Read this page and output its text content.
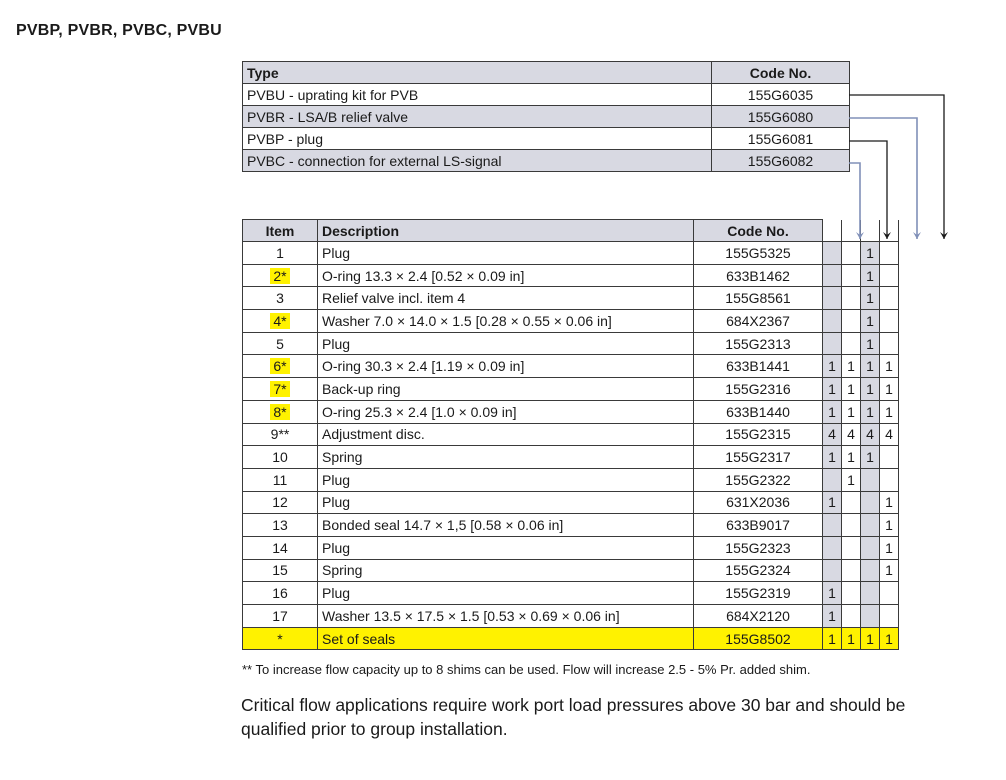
PVBP, PVBR, PVBC, PVBU
Type	Code No.
PVBU - uprating kit for PVB	155G6035
PVBR - LSA/B relief valve	155G6080
PVBP - plug	155G6081
PVBC - connection for external LS-signal	155G6082
Item	Description	Code No.				
1	Plug	155G5325			1	
2*	O-ring 13.3 × 2.4 [0.52 × 0.09 in]	633B1462			1	
3	Relief valve incl. item 4	155G8561			1	
4*	Washer 7.0 × 14.0 × 1.5 [0.28 × 0.55 × 0.06 in]	684X2367			1	
5	Plug	155G2313			1	
6*	O-ring 30.3 × 2.4 [1.19 × 0.09 in]	633B1441	1	1	1	1
7*	Back-up ring	155G2316	1	1	1	1
8*	O-ring 25.3 × 2.4 [1.0 × 0.09 in]	633B1440	1	1	1	1
9**	Adjustment disc.	155G2315	4	4	4	4
10	Spring	155G2317	1	1	1	
11	Plug	155G2322		1		
12	Plug	631X2036	1			1
13	Bonded seal 14.7 × 1,5 [0.58 × 0.06 in]	633B9017				1
14	Plug	155G2323				1
15	Spring	155G2324				1
16	Plug	155G2319	1			
17	Washer 13.5 × 17.5 × 1.5 [0.53 × 0.69 × 0.06 in]	684X2120	1			
*	Set of seals	155G8502	1	1	1	1
** To increase flow capacity up to 8 shims can be used. Flow will increase 2.5 - 5% Pr. added shim.
Critical flow applications require work port load pressures above 30 bar and should be qualified prior to group installation.
